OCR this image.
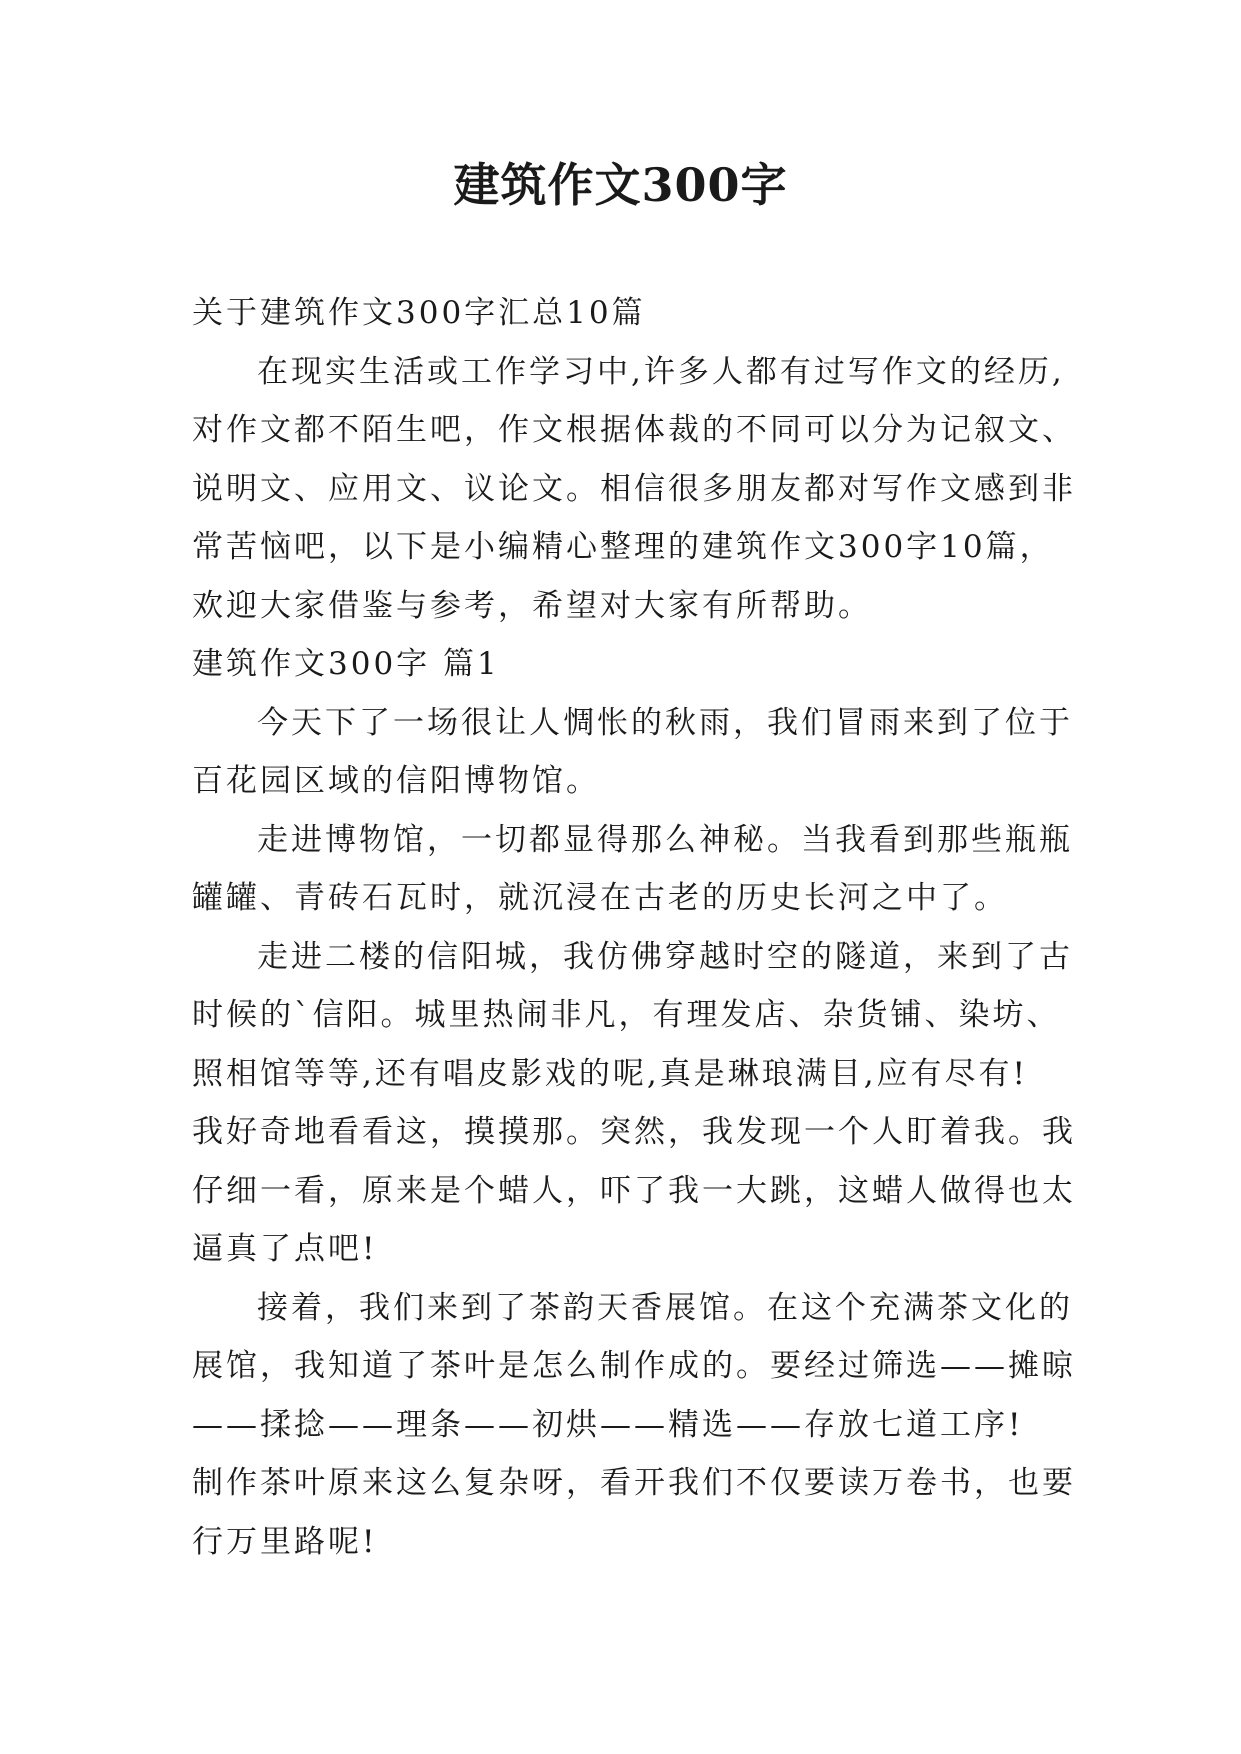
建筑作文300字
关于建筑作文300字汇总10篇
在现实生活或工作学习中,许多人都有过写作文的经历,
对作文都不陌生吧，作文根据体裁的不同可以分为记叙文、
说明文、应用文、议论文。相信很多朋友都对写作文感到非
常苦恼吧，以下是小编精心整理的建筑作文300字10篇，
欢迎大家借鉴与参考，希望对大家有所帮助。
建筑作文300字 篇1
今天下了一场很让人惆怅的秋雨，我们冒雨来到了位于
百花园区域的信阳博物馆。
走进博物馆，一切都显得那么神秘。当我看到那些瓶瓶
罐罐、青砖石瓦时，就沉浸在古老的历史长河之中了。
走进二楼的信阳城，我仿佛穿越时空的隧道，来到了古
时候的`信阳。城里热闹非凡，有理发店、杂货铺、染坊、
照相馆等等,还有唱皮影戏的呢,真是琳琅满目,应有尽有!
我好奇地看看这，摸摸那。突然，我发现一个人盯着我。我
仔细一看，原来是个蜡人，吓了我一大跳，这蜡人做得也太
逼真了点吧!
接着，我们来到了茶韵天香展馆。在这个充满茶文化的
展馆，我知道了茶叶是怎么制作成的。要经过筛选——摊晾
——揉捻——理条——初烘——精选——存放七道工序!
制作茶叶原来这么复杂呀，看开我们不仅要读万卷书，也要
行万里路呢!
